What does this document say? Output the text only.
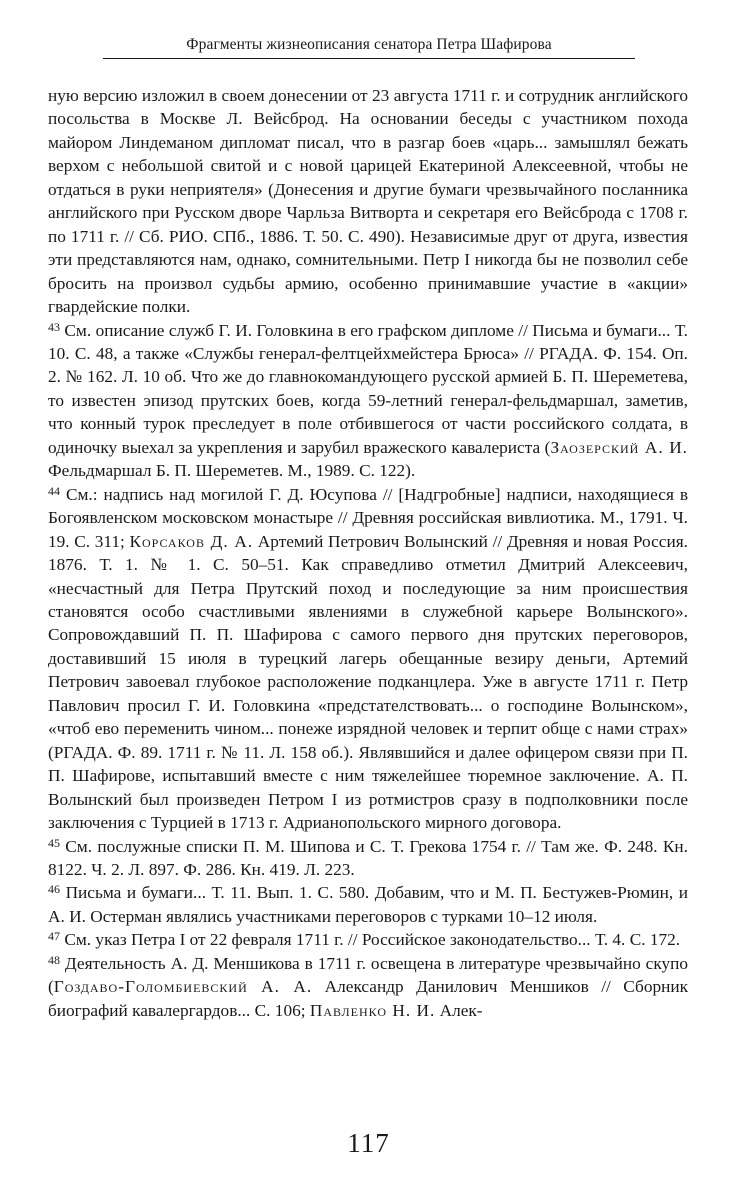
Фрагменты жизнеописания сенатора Петра Шафирова

ную версию изложил в своем донесении от 23 августа 1711 г. и сотрудник английского посольства в Москве Л. Вейсброд. На основании беседы с участником похода майором Линдеманом дипломат писал, что в разгар боев «царь... замышлял бежать верхом с небольшой свитой и с новой царицей Екатериной Алексеевной, чтобы не отдаться в руки неприятеля» (Донесения и другие бумаги чрезвычайного посланника английского при Русском дворе Чарльза Витворта и секретаря его Вейсброда с 1708 г. по 1711 г. // Сб. РИО. СПб., 1886. Т. 50. С. 490). Независимые друг от друга, известия эти представляются нам, однако, сомнительными. Петр I никогда бы не позволил себе бросить на произвол судьбы армию, особенно принимавшие участие в «акции» гвардейские полки.

$^{43}$ См. описание служб Г. И. Головкина в его графском дипломе // Письма и бумаги... Т. 10. С. 48, а также «Службы генерал-фелтцейхмейстера Брюса» // РГАДА. Ф. 154. Оп. 2. № 162. Л. 10 об. Что же до главнокомандующего русской армией Б. П. Шереметева, то известен эпизод прутских боев, когда 59-летний генерал-фельдмаршал, заметив, что конный турок преследует в поле отбившегося от части российского солдата, в одиночку выехал за укрепления и зарубил вражеского кавалериста (Заозерский А. И. Фельдмаршал Б. П. Шереметев. М., 1989. С. 122).

$^{44}$ См.: надпись над могилой Г. Д. Юсупова // [Надгробные] надписи, находящиеся в Богоявленском московском монастыре // Древняя российская вивлиотика. М., 1791. Ч. 19. С. 311; Корсаков Д. А. Артемий Петрович Волынский // Древняя и новая Россия. 1876. Т. 1. № 1. С. 50–51. Как справедливо отметил Дмитрий Алексеевич, «несчастный для Петра Прутский поход и последующие за ним происшествия становятся особо счастливыми явлениями в служебной карьере Волынского». Сопровождавший П. П. Шафирова с самого первого дня прутских переговоров, доставивший 15 июля в турецкий лагерь обещанные везиру деньги, Артемий Петрович завоевал глубокое расположение подканцлера. Уже в августе 1711 г. Петр Павлович просил Г. И. Головкина «предстателствовать... о господине Волынском», «чтоб ево переменить чином... понеже изрядной человек и терпит обще с нами страх» (РГАДА. Ф. 89. 1711 г. № 11. Л. 158 об.). Являвшийся и далее офицером связи при П. П. Шафирове, испытавший вместе с ним тяжелейшее тюремное заключение. А. П. Волынский был произведен Петром I из ротмистров сразу в подполковники после заключения с Турцией в 1713 г. Адрианопольского мирного договора.

$^{45}$ См. послужные списки П. М. Шипова и С. Т. Грекова 1754 г. // Там же. Ф. 248. Кн. 8122. Ч. 2. Л. 897. Ф. 286. Кн. 419. Л. 223.

$^{46}$ Письма и бумаги... Т. 11. Вып. 1. С. 580. Добавим, что и М. П. Бестужев-Рюмин, и А. И. Остерман являлись участниками переговоров с турками 10–12 июля.

$^{47}$ См. указ Петра I от 22 февраля 1711 г. // Российское законодательство... Т. 4. С. 172.

$^{48}$ Деятельность А. Д. Меншикова в 1711 г. освещена в литературе чрезвычайно скупо (Гоздаво-Голомбиевский А. А. Александр Данилович Меншиков // Сборник биографий кавалергардов... С. 106; Павленко Н. И. Алек-

117
